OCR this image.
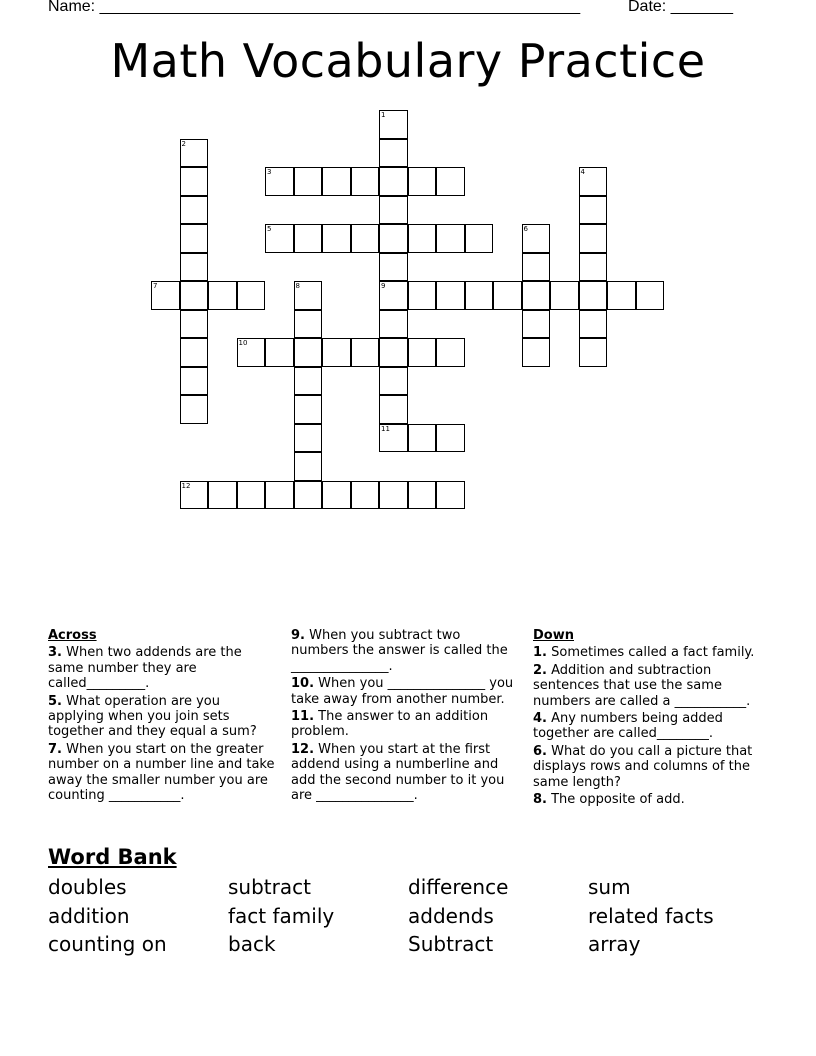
Name: ______________________________________________________	Date: _______
Math Vocabulary Practice
1
9
11
2
4
6
8
3
5
7
10
12
Across
3. When two addends are the same number they are called_________.
5. What operation are you applying when you join sets together and they equal a sum?
7. When you start on the greater number on a number line and take away the smaller number you are counting ___________.
9. When you subtract two numbers the answer is called the _______________.
10. When you _______________ you take away from another number.
11. The answer to an addition problem.
12. When you start at the first addend using a numberline and add the second number to it you are _______________.
Down
1. Sometimes called a fact family.
2. Addition and subtraction sentences that use the same numbers are called a ___________.
4. Any numbers being added together are called________.
6. What do you call a picture that displays rows and columns of the same length?
8. The opposite of add.
Word Bank
doubles	subtract	difference	sum
addition	fact family	addends	related facts
counting on	back	Subtract	array
